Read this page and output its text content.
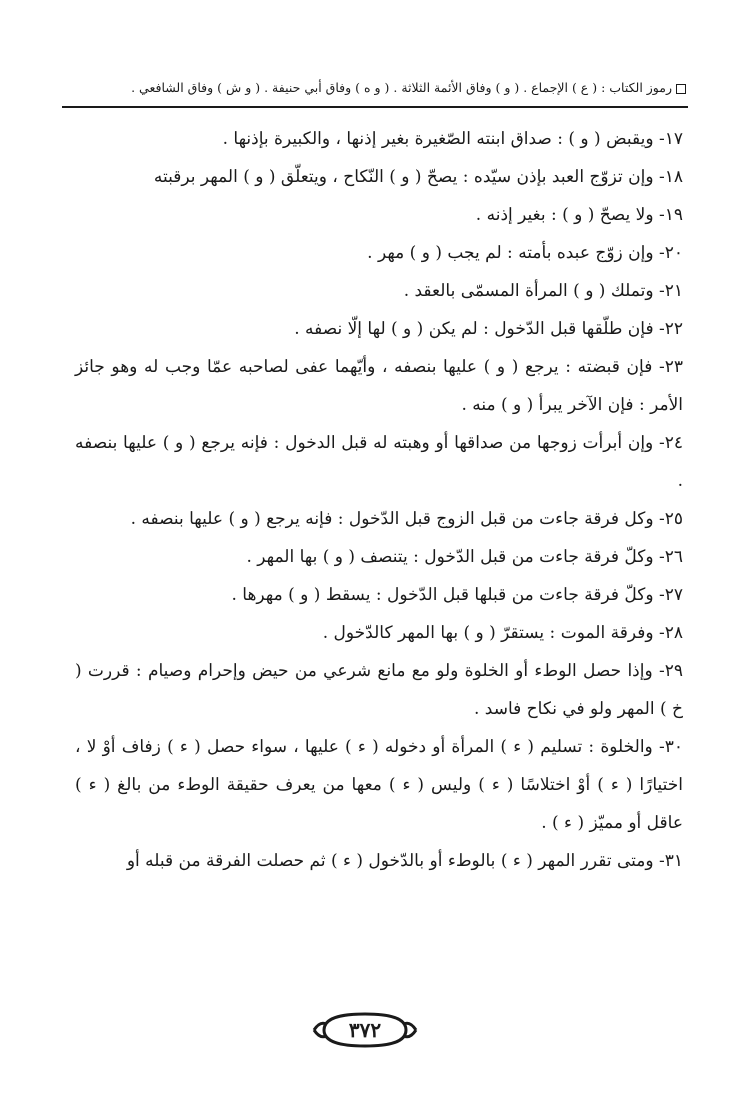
رموز الكتاب : ( ع ) الإجماع . ( و ) وفاق الأئمة الثلاثة . ( و ه ) وفاق أبي حنيفة . ( و ش ) وفاق الشافعي .
١٧- ويقبض ( و ) : صداق ابنته الصّغيرة بغير إذنها ، والكبيرة بإذنها .
١٨- وإن تزوّج العبد بإذن سيّده : يصحّ ( و ) النّكاح ، ويتعلّق ( و ) المهر برقبته
١٩- ولا يصحّ ( و ) : بغير إذنه .
٢٠- وإن زوّج عبده بأمته : لم يجب ( و ) مهر .
٢١- وتملك ( و ) المرأة المسمّى بالعقد .
٢٢- فإن طلّقها قبل الدّخول : لم يكن ( و ) لها إلّا نصفه .
٢٣- فإن قبضته : يرجع ( و ) عليها بنصفه ، وأيّهما عفى لصاحبه عمّا وجب له وهو جائز الأمر : فإن الآخر يبرأ ( و ) منه .
٢٤- وإن أبرأت زوجها من صداقها أو وهبته له قبل الدخول : فإنه يرجع ( و ) عليها بنصفه .
٢٥- وكل فرقة جاءت من قبل الزوج قبل الدّخول : فإنه يرجع ( و ) عليها بنصفه .
٢٦- وكلّ فرقة جاءت من قبل الدّخول : يتنصف ( و ) بها المهر .
٢٧- وكلّ فرقة جاءت من قبلها قبل الدّخول : يسقط ( و ) مهرها .
٢٨- وفرقة الموت : يستقرّ ( و ) بها المهر كالدّخول .
٢٩- وإذا حصل الوطء أو الخلوة ولو مع مانع شرعي من حيض وإحرام وصيام : قررت ( خ ) المهر ولو في نكاح فاسد .
٣٠- والخلوة : تسليم ( ء ) المرأة أو دخوله ( ء ) عليها ، سواء حصل ( ء ) زفاف أوْ لا ، اختيارًا ( ء ) أوْ اختلاسًا ( ء ) وليس ( ء ) معها من يعرف حقيقة الوطء من بالغ ( ء ) عاقل أو مميّز ( ء ) .
٣١- ومتى تقرر المهر ( ء ) بالوطء أو بالدّخول ( ء ) ثم حصلت الفرقة من قبله أو
٣٧٢
